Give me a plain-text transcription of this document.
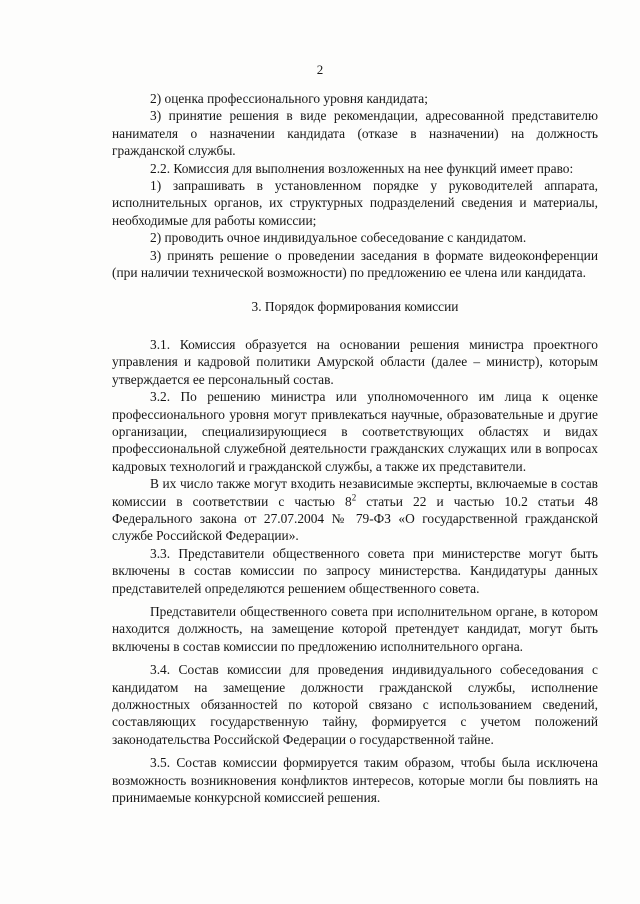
2

2) оценка профессионального уровня кандидата;

3) принятие решения в виде рекомендации, адресованной представителю нанимателя о назначении кандидата (отказе в назначении) на должность гражданской службы.

2.2. Комиссия для выполнения возложенных на нее функций имеет право:

1) запрашивать в установленном порядке у руководителей аппарата, исполнительных органов, их структурных подразделений сведения и материалы, необходимые для работы комиссии;

2) проводить очное индивидуальное собеседование с кандидатом.

3) принять решение о проведении заседания в формате видеоконференции (при наличии технической возможности) по предложению ее члена или кандидата.

3. Порядок формирования комиссии

3.1. Комиссия образуется на основании решения министра проектного управления и кадровой политики Амурской области (далее – министр), которым утверждается ее персональный состав.

3.2. По решению министра или уполномоченного им лица к оценке профессионального уровня могут привлекаться научные, образовательные и другие организации, специализирующиеся в соответствующих областях и видах профессиональной служебной деятельности гражданских служащих или в вопросах кадровых технологий и гражданской службы, а также их представители.

В их число также могут входить независимые эксперты, включаемые в состав комиссии в соответствии с частью $8^2$ статьи 22 и частью 10.2 статьи 48 Федерального закона от 27.07.2004 № 79-ФЗ «О государственной гражданской службе Российской Федерации».

3.3. Представители общественного совета при министерстве могут быть включены в состав комиссии по запросу министерства. Кандидатуры данных представителей определяются решением общественного совета.

Представители общественного совета при исполнительном органе, в котором находится должность, на замещение которой претендует кандидат, могут быть включены в состав комиссии по предложению исполнительного органа.

3.4. Состав комиссии для проведения индивидуального собеседования с кандидатом на замещение должности гражданской службы, исполнение должностных обязанностей по которой связано с использованием сведений, составляющих государственную тайну, формируется с учетом положений законодательства Российской Федерации о государственной тайне.

3.5. Состав комиссии формируется таким образом, чтобы была исключена возможность возникновения конфликтов интересов, которые могли бы повлиять на принимаемые конкурсной комиссией решения.
